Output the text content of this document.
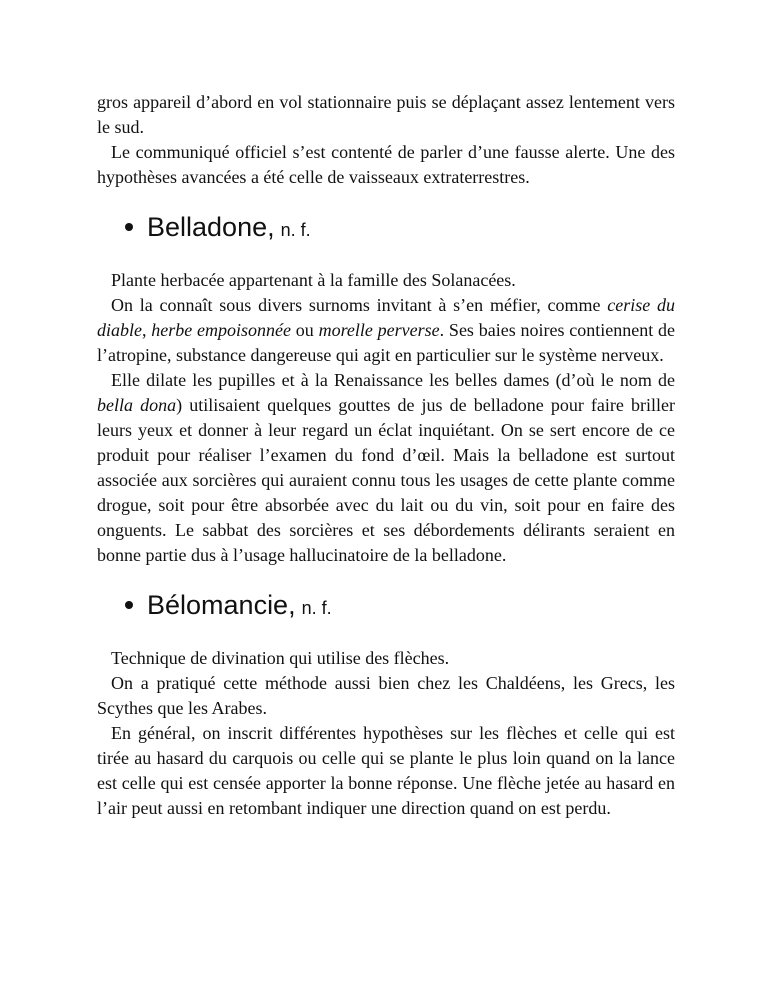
gros appareil d’abord en vol stationnaire puis se déplaçant assez lentement vers le sud.

Le communiqué officiel s’est contenté de parler d’une fausse alerte. Une des hypothèses avancées a été celle de vaisseaux extraterrestres.

Belladone, n. f.

Plante herbacée appartenant à la famille des Solanacées.

On la connaît sous divers surnoms invitant à s’en méfier, comme cerise du diable, herbe empoisonnée ou morelle perverse. Ses baies noires contiennent de l’atropine, substance dangereuse qui agit en particulier sur le système nerveux.

Elle dilate les pupilles et à la Renaissance les belles dames (d’où le nom de bella dona) utilisaient quelques gouttes de jus de belladone pour faire briller leurs yeux et donner à leur regard un éclat inquiétant. On se sert encore de ce produit pour réaliser l’examen du fond d’œil. Mais la belladone est surtout associée aux sorcières qui auraient connu tous les usages de cette plante comme drogue, soit pour être absorbée avec du lait ou du vin, soit pour en faire des onguents. Le sabbat des sorcières et ses débordements délirants seraient en bonne partie dus à l’usage hallucinatoire de la belladone.

Bélomancie, n. f.

Technique de divination qui utilise des flèches.

On a pratiqué cette méthode aussi bien chez les Chaldéens, les Grecs, les Scythes que les Arabes.

En général, on inscrit différentes hypothèses sur les flèches et celle qui est tirée au hasard du carquois ou celle qui se plante le plus loin quand on la lance est celle qui est censée apporter la bonne réponse. Une flèche jetée au hasard en l’air peut aussi en retombant indiquer une direction quand on est perdu.
